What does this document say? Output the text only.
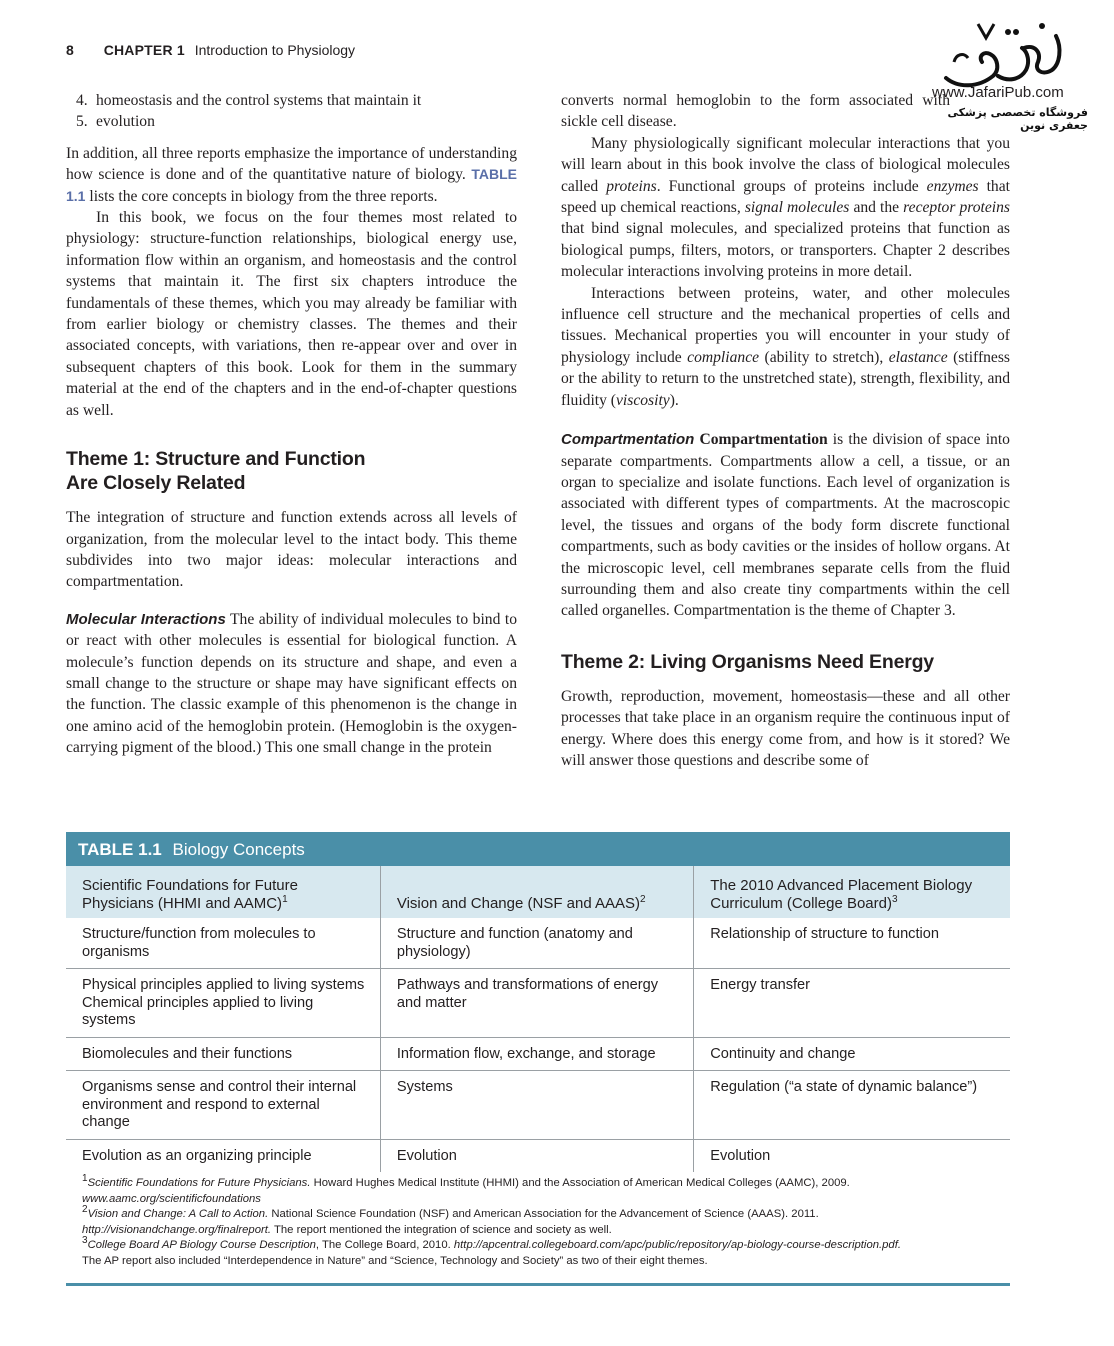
8 CHAPTER 1 Introduction to Physiology
www.JafariPub.com
فروشگاه تخصصی پزشکی جعفری نوین
4. homeostasis and the control systems that maintain it
5. evolution

In addition, all three reports emphasize the importance of understanding how science is done and of the quantitative nature of biology. TABLE 1.1 lists the core concepts in biology from the three reports.

In this book, we focus on the four themes most related to physiology: structure-function relationships, biological energy use, information flow within an organism, and homeostasis and the control systems that maintain it. The first six chapters introduce the fundamentals of these themes, which you may already be familiar with from earlier biology or chemistry classes. The themes and their associated concepts, with variations, then re-appear over and over in subsequent chapters of this book. Look for them in the summary material at the end of the chapters and in the end-of-chapter questions as well.

Theme 1: Structure and Function
Are Closely Related

The integration of structure and function extends across all levels of organization, from the molecular level to the intact body. This theme subdivides into two major ideas: molecular interactions and compartmentation.

Molecular Interactions The ability of individual molecules to bind to or react with other molecules is essential for biological function. A molecule’s function depends on its structure and shape, and even a small change to the structure or shape may have significant effects on the function. The classic example of this phenomenon is the change in one amino acid of the hemoglobin protein. (Hemoglobin is the oxygen-carrying pigment of the blood.) This one small change in the protein

converts normal hemoglobin to the form associated with sickle cell disease.

Many physiologically significant molecular interactions that you will learn about in this book involve the class of biological molecules called proteins. Functional groups of proteins include enzymes that speed up chemical reactions, signal molecules and the receptor proteins that bind signal molecules, and specialized proteins that function as biological pumps, filters, motors, or transporters. Chapter 2 describes molecular interactions involving proteins in more detail.

Interactions between proteins, water, and other molecules influence cell structure and the mechanical properties of cells and tissues. Mechanical properties you will encounter in your study of physiology include compliance (ability to stretch), elastance (stiffness or the ability to return to the unstretched state), strength, flexibility, and fluidity (viscosity).

Compartmentation Compartmentation is the division of space into separate compartments. Compartments allow a cell, a tissue, or an organ to specialize and isolate functions. Each level of organization is associated with different types of compartments. At the macroscopic level, the tissues and organs of the body form discrete functional compartments, such as body cavities or the insides of hollow organs. At the microscopic level, cell membranes separate cells from the fluid surrounding them and also create tiny compartments within the cell called organelles. Compartmentation is the theme of Chapter 3.

Theme 2: Living Organisms Need Energy

Growth, reproduction, movement, homeostasis—these and all other processes that take place in an organism require the continuous input of energy. Where does this energy come from, and how is it stored? We will answer those questions and describe some of

TABLE 1.1 Biology Concepts
Scientific Foundations for Future Physicians (HHMI and AAMC)$^1$	Vision and Change (NSF and AAAS)$^2$	The 2010 Advanced Placement Biology Curriculum (College Board)$^3$
Structure/function from molecules to organisms	Structure and function (anatomy and physiology)	Relationship of structure to function
Physical principles applied to living systems Chemical principles applied to living systems	Pathways and transformations of energy and matter	Energy transfer
Biomolecules and their functions	Information flow, exchange, and storage	Continuity and change
Organisms sense and control their internal environment and respond to external change	Systems	Regulation (“a state of dynamic balance”)
Evolution as an organizing principle	Evolution	Evolution
$^1$Scientific Foundations for Future Physicians. Howard Hughes Medical Institute (HHMI) and the Association of American Medical Colleges (AAMC), 2009. www.aamc.org/scientificfoundations
$^2$Vision and Change: A Call to Action. National Science Foundation (NSF) and American Association for the Advancement of Science (AAAS). 2011. http://visionandchange.org/finalreport. The report mentioned the integration of science and society as well.
$^3$College Board AP Biology Course Description, The College Board, 2010. http://apcentral.collegeboard.com/apc/public/repository/ap-biology-course-description.pdf.
The AP report also included “Interdependence in Nature” and “Science, Technology and Society” as two of their eight themes.
